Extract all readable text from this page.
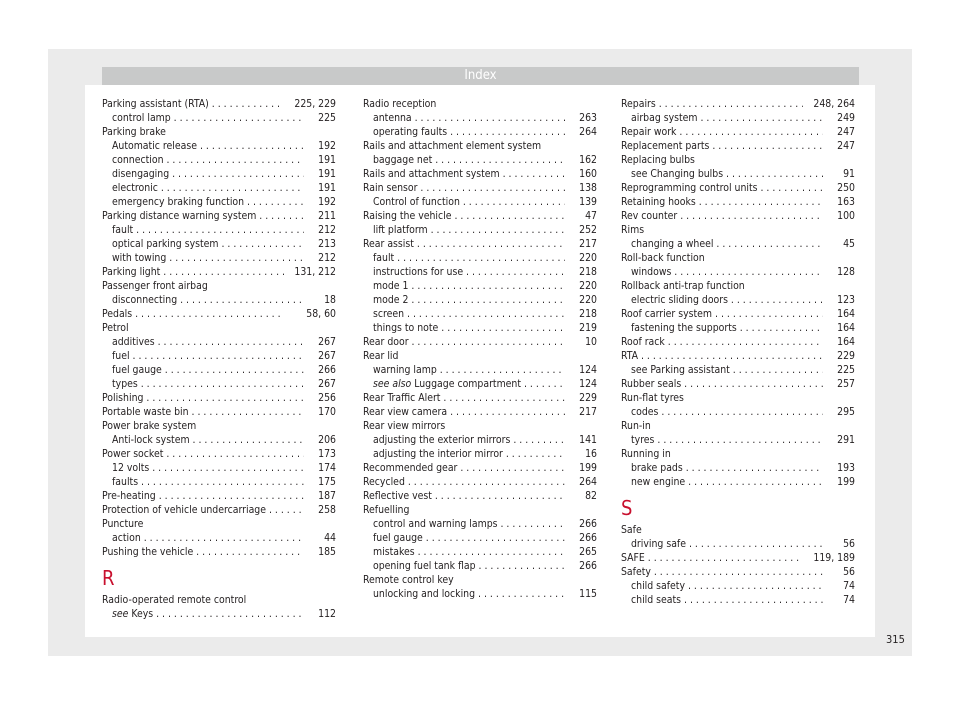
Index
Parking assistant (RTA) . . .	225, 229
control lamp . . .	225
Parking brake
Automatic release . . .	192
connection . . .	191
disengaging . . .	191
electronic . . .	191
emergency braking function . . .	192
Parking distance warning system . . .	211
fault . . .	212
optical parking system . . .	213
with towing . . .	212
Parking light . . .	131, 212
Passenger front airbag
disconnecting . . .	18
Pedals . . .	58, 60
Petrol
additives . . .	267
fuel . . .	267
fuel gauge . . .	266
types . . .	267
Polishing . . .	256
Portable waste bin . . .	170
Power brake system
Anti-lock system . . .	206
Power socket . . .	173
12 volts . . .	174
faults . . .	175
Pre-heating . . .	187
Protection of vehicle undercarriage . . .	258
Puncture
action . . .	44
Pushing the vehicle . . .	185
R
Radio-operated remote control
see Keys . . .	112
Radio reception
antenna . . .	263
operating faults . . .	264
Rails and attachment element system
baggage net . . .	162
Rails and attachment system . . .	160
Rain sensor . . .	138
Control of function . . .	139
Raising the vehicle . . .	47
lift platform . . .	252
Rear assist . . .	217
fault . . .	220
instructions for use . . .	218
mode 1 . . .	220
mode 2 . . .	220
screen . . .	218
things to note . . .	219
Rear door . . .	10
Rear lid
warning lamp . . .	124
see also Luggage compartment . . .	124
Rear Traffic Alert . . .	229
Rear view camera . . .	217
Rear view mirrors
adjusting the exterior mirrors . . .	141
adjusting the interior mirror . . .	16
Recommended gear . . .	199
Recycled . . .	264
Reflective vest . . .	82
Refuelling
control and warning lamps . . .	266
fuel gauge . . .	266
mistakes . . .	265
opening fuel tank flap . . .	266
Remote control key
unlocking and locking . . .	115
Repairs . . .	248, 264
airbag system . . .	249
Repair work . . .	247
Replacement parts . . .	247
Replacing bulbs
see Changing bulbs . . .	91
Reprogramming control units . . .	250
Retaining hooks . . .	163
Rev counter . . .	100
Rims
changing a wheel . . .	45
Roll-back function
windows . . .	128
Rollback anti-trap function
electric sliding doors . . .	123
Roof carrier system . . .	164
fastening the supports . . .	164
Roof rack . . .	164
RTA . . .	229
see Parking assistant . . .	225
Rubber seals . . .	257
Run-flat tyres
codes . . .	295
Run-in
tyres . . .	291
Running in
brake pads . . .	193
new engine . . .	199
S
Safe
driving safe . . .	56
SAFE . . .	119, 189
Safety . . .	56
child safety . . .	74
child seats . . .	74
315
